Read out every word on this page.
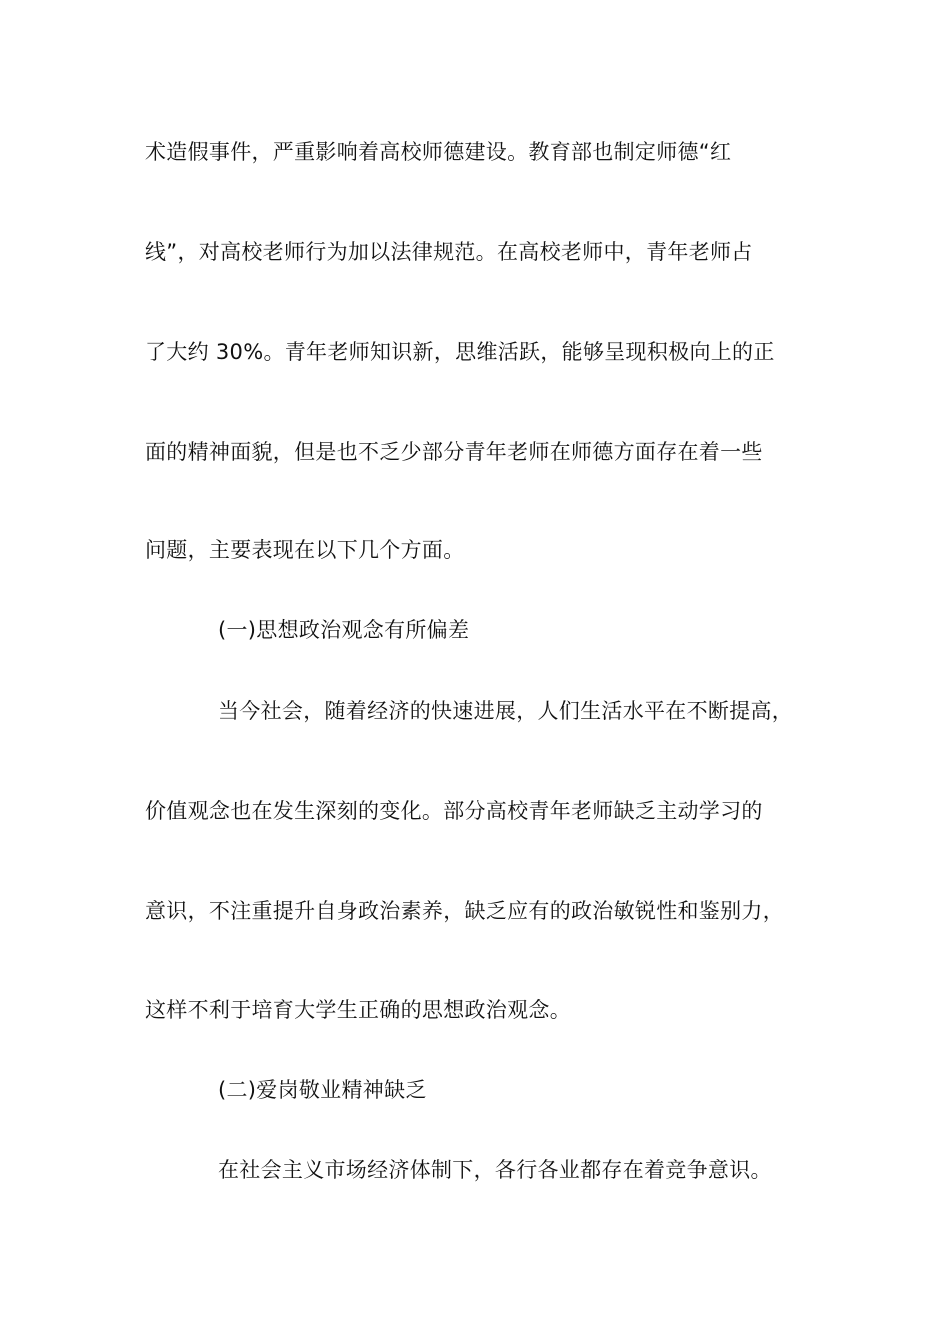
术造假事件，严重影响着高校师德建设。教育部也制定师德“红
线”，对高校老师行为加以法律规范。在高校老师中，青年老师占
了大约 30%。青年老师知识新，思维活跃，能够呈现积极向上的正
面的精神面貌，但是也不乏少部分青年老师在师德方面存在着一些
问题，主要表现在以下几个方面。
(一)思想政治观念有所偏差
当今社会，随着经济的快速进展，人们生活水平在不断提高，
价值观念也在发生深刻的变化。部分高校青年老师缺乏主动学习的
意识，不注重提升自身政治素养，缺乏应有的政治敏锐性和鉴别力，
这样不利于培育大学生正确的思想政治观念。
(二)爱岗敬业精神缺乏
在社会主义市场经济体制下，各行各业都存在着竞争意识。
